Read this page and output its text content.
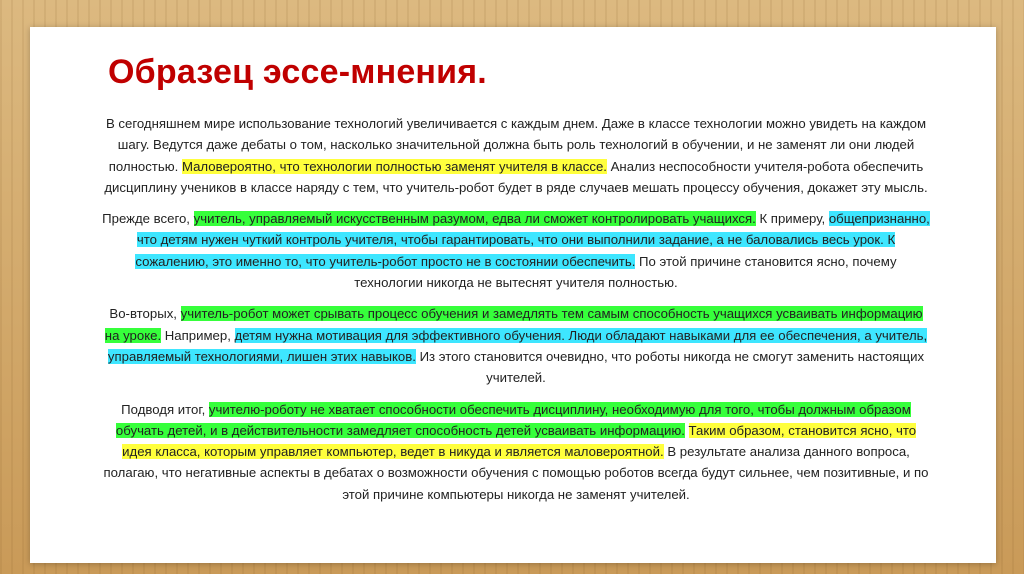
Образец эссе-мнения.

В сегодняшнем мире использование технологий увеличивается с каждым днем. Даже в классе технологии можно увидеть на каждом шагу. Ведутся даже дебаты о том, насколько значительной должна быть роль технологий в обучении, и не заменят ли они людей полностью. Маловероятно, что технологии полностью заменят учителя в классе. Анализ неспособности учителя-робота обеспечить дисциплину учеников в классе наряду с тем, что учитель-робот будет в ряде случаев мешать процессу обучения, докажет эту мысль.

Прежде всего, учитель, управляемый искусственным разумом, едва ли сможет контролировать учащихся. К примеру, общепризнанно, что детям нужен чуткий контроль учителя, чтобы гарантировать, что они выполнили задание, а не баловались весь урок. К сожалению, это именно то, что учитель-робот просто не в состоянии обеспечить. По этой причине становится ясно, почему технологии никогда не вытеснят учителя полностью.

Во-вторых, учитель-робот может срывать процесс обучения и замедлять тем самым способность учащихся усваивать информацию на уроке. Например, детям нужна мотивация для эффективного обучения. Люди обладают навыками для ее обеспечения, а учитель, управляемый технологиями, лишен этих навыков. Из этого становится очевидно, что роботы никогда не смогут заменить настоящих учителей.

Подводя итог, учителю-роботу не хватает способности обеспечить дисциплину, необходимую для того, чтобы должным образом обучать детей, и в действительности замедляет способность детей усваивать информацию. Таким образом, становится ясно, что идея класса, которым управляет компьютер, ведет в никуда и является маловероятной. В результате анализа данного вопроса, полагаю, что негативные аспекты в дебатах о возможности обучения с помощью роботов всегда будут сильнее, чем позитивные, и по этой причине компьютеры никогда не заменят учителей.
